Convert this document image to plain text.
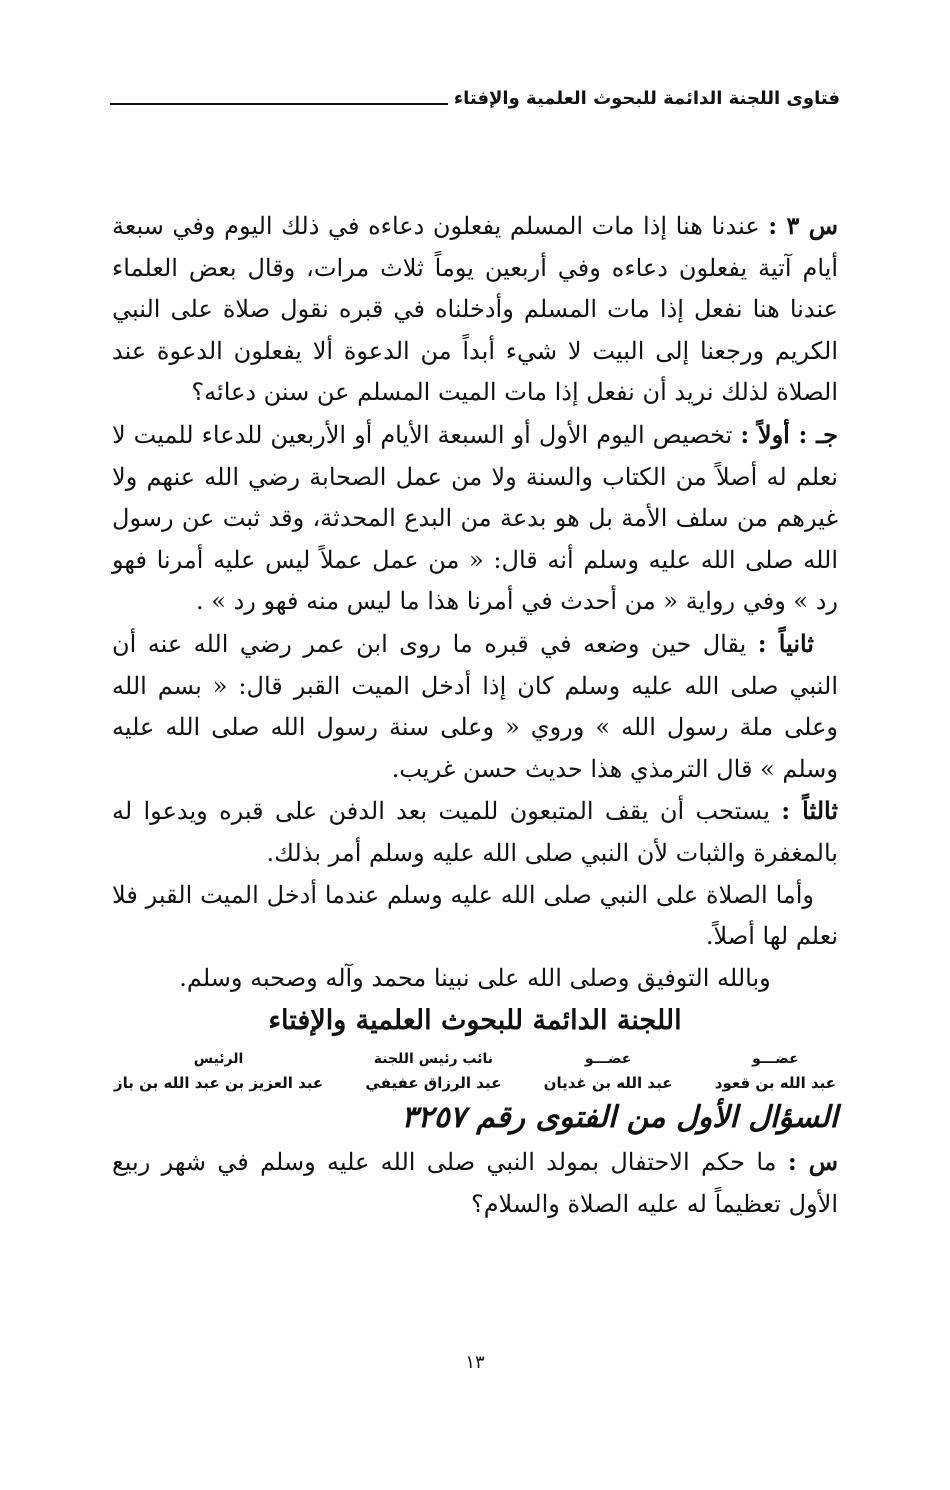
فتاوى اللجنة الدائمة للبحوث العلمية والإفتاء

س ٣ : عندنا هنا إذا مات المسلم يفعلون دعاءه في ذلك اليوم وفي سبعة أيام آتية يفعلون دعاءه وفي أربعين يوماً ثلاث مرات، وقال بعض العلماء عندنا هنا نفعل إذا مات المسلم وأدخلناه في قبره نقول صلاة على النبي الكريم ورجعنا إلى البيت لا شيء أبداً من الدعوة ألا يفعلون الدعوة عند الصلاة لذلك نريد أن نفعل إذا مات الميت المسلم عن سنن دعائه؟

جـ : أولاً : تخصيص اليوم الأول أو السبعة الأيام أو الأربعين للدعاء للميت لا نعلم له أصلاً من الكتاب والسنة ولا من عمل الصحابة رضي الله عنهم ولا غيرهم من سلف الأمة بل هو بدعة من البدع المحدثة، وقد ثبت عن رسول الله صلى الله عليه وسلم أنه قال: « من عمل عملاً ليس عليه أمرنا فهو رد » وفي رواية « من أحدث في أمرنا هذا ما ليس منه فهو رد » .

ثانياً : يقال حين وضعه في قبره ما روى ابن عمر رضي الله عنه أن النبي صلى الله عليه وسلم كان إذا أدخل الميت القبر قال: « بسم الله وعلى ملة رسول الله » وروي « وعلى سنة رسول الله صلى الله عليه وسلم » قال الترمذي هذا حديث حسن غريب.

ثالثاً : يستحب أن يقف المتبعون للميت بعد الدفن على قبره ويدعوا له بالمغفرة والثبات لأن النبي صلى الله عليه وسلم أمر بذلك.

وأما الصلاة على النبي صلى الله عليه وسلم عندما أدخل الميت القبر فلا نعلم لها أصلاً.

وبالله التوفيق وصلى الله على نبينا محمد وآله وصحبه وسلم.

اللجنة الدائمة للبحوث العلمية والإفتاء

عضـــو
عبد الله بن قعود
عضـــو
عبد الله بن غديان
نائب رئيس اللجنة
عبد الرزاق عفيفي
الرئيس
عبد العزيز بن عبد الله بن باز

السؤال الأول من الفتوى رقم ٣٢٥٧

س : ما حكم الاحتفال بمولد النبي صلى الله عليه وسلم في شهر ربيع الأول تعظيماً له عليه الصلاة والسلام؟

١٣
